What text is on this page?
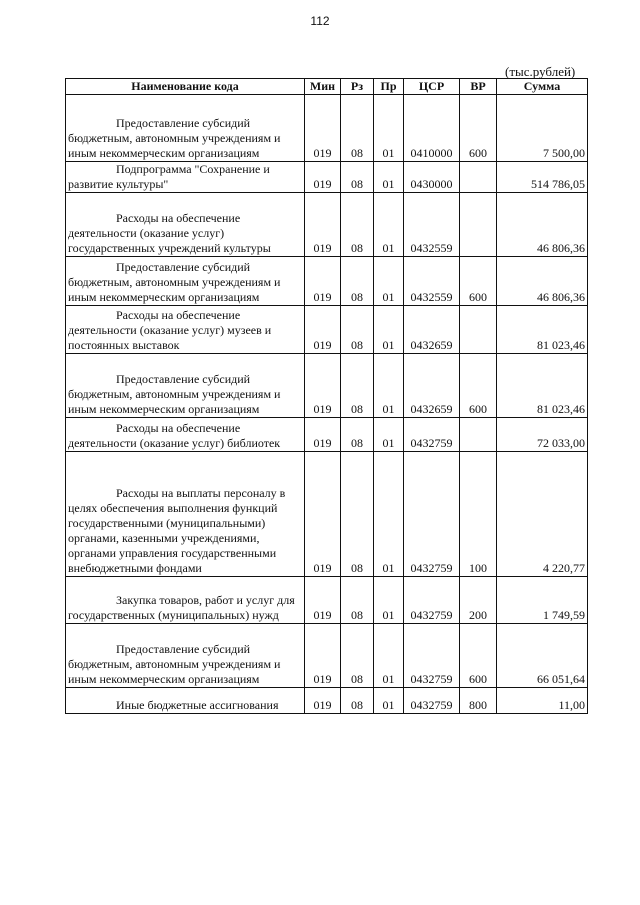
112
(тыс.рублей)
Наименование кода	Мин	Рз	Пр	ЦСР	ВР	Сумма

Предоставление субсидий бюджетным, автономным учреждениям и иным некоммерческим организациям	019	08	01	0410000	600	7 500,00

Подпрограмма "Сохранение и развитие культуры"	019	08	01	0430000		514 786,05

Расходы на обеспечение деятельности (оказание услуг) государственных учреждений культуры	019	08	01	0432559		46 806,36

Предоставление субсидий бюджетным, автономным учреждениям и иным некоммерческим организациям	019	08	01	0432559	600	46 806,36

Расходы на обеспечение деятельности (оказание услуг) музеев и постоянных выставок	019	08	01	0432659		81 023,46

Предоставление субсидий бюджетным, автономным учреждениям и иным некоммерческим организациям	019	08	01	0432659	600	81 023,46

Расходы на обеспечение деятельности (оказание услуг) библиотек	019	08	01	0432759		72 033,00

Расходы на выплаты персоналу в целях обеспечения выполнения функций государственными (муниципальными) органами, казенными учреждениями, органами управления государственными внебюджетными фондами	019	08	01	0432759	100	4 220,77

Закупка товаров, работ и услуг для государственных (муниципальных) нужд	019	08	01	0432759	200	1 749,59

Предоставление субсидий бюджетным, автономным учреждениям и иным некоммерческим организациям	019	08	01	0432759	600	66 051,64

Иные бюджетные ассигнования	019	08	01	0432759	800	11,00
